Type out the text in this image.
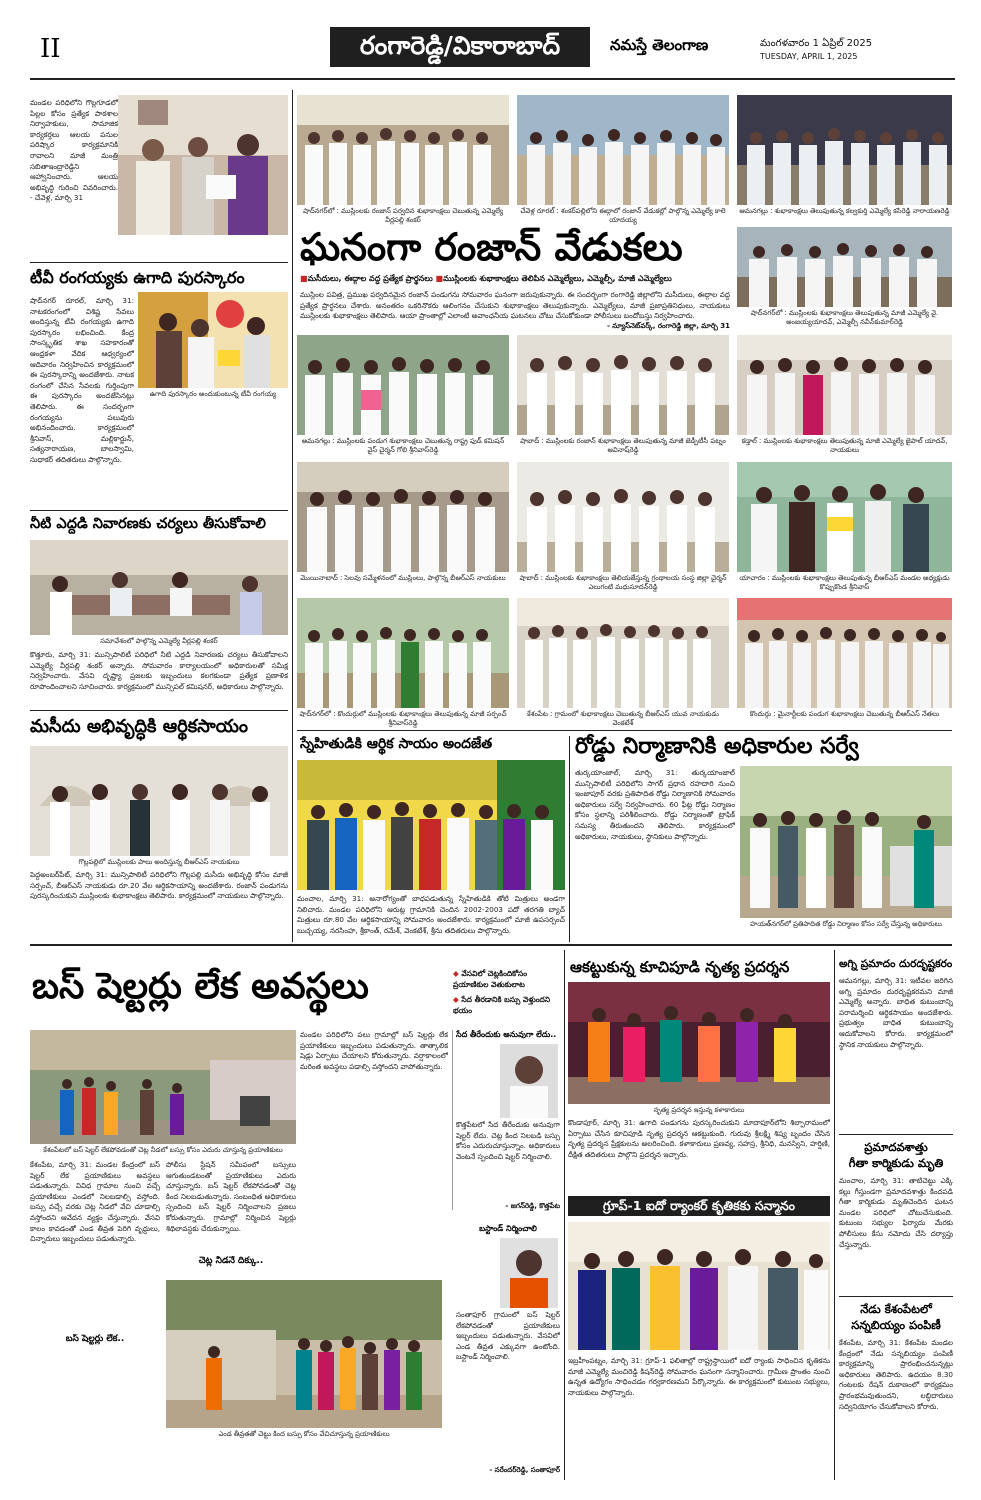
II	రంగారెడ్డి/వికారాబాద్	నమస్తే తెలంగాణ	మంగళవారం 1 ఏప్రిల్ 2025
TUESDAY, APRIL 1, 2025
మండల పరిధిలోని గొల్లగూడలో పిల్లల కోసం ప్రత్యేక పాఠశాల నిర్వాహకులు, సామాజిక కార్యకర్తలు ఆలయ పనుల పరిష్కార కార్యక్రమానికి రావాలని మాజీ మంత్రి సబితాఇంద్రారెడ్డిని ఆహ్వానించారు. ఆలయ అభివృద్ధి గురించి వివరించారు. - చేవెళ్ల, మార్చి 31
టీవీ రంగయ్యకు ఉగాది పురస్కారం
ఉగాది పురస్కారం అందుకుంటున్న టీవీ రంగయ్య
షాద్‌నగర్ రూరల్, మార్చి 31: నాటకరంగంలో విశిష్ట సేవలు అందిస్తున్న టీవీ రంగయ్యకు ఉగాది పురస్కారం లభించింది. కేంద్ర సాంస్కృతిక శాఖ సహకారంతో ఆంధ్రకళా వేదిక ఆధ్వర్యంలో ఆదివారం నిర్వహించిన కార్యక్రమంలో ఈ పురస్కారాన్ని అందజేశారు. నాటక రంగంలో చేసిన సేవలకు గుర్తింపుగా ఈ పురస్కారం అందజేసినట్లు తెలిపారు. ఈ సందర్భంగా రంగయ్యను పలువురు అభినందించారు. కార్యక్రమంలో శ్రీనివాస్, మల్లికార్జున్, సత్యనారాయణ, బాలస్వామి, సుధాకర్ తదితరులు పాల్గొన్నారు.
నీటి ఎద్దడి నివారణకు చర్యలు తీసుకోవాలి
సమావేశంలో పాల్గొన్న ఎమ్మెల్యే వీర్లపల్లి శంకర్
కొత్తూరు, మార్చి 31: మున్సిపాలిటీ పరిధిలో నీటి ఎద్దడి నివారణకు చర్యలు తీసుకోవాలని ఎమ్మెల్యే వీర్లపల్లి శంకర్ అన్నారు. సోమవారం కార్యాలయంలో అధికారులతో సమీక్ష నిర్వహించారు. వేసవి దృష్ట్యా ప్రజలకు ఇబ్బందులు కలగకుండా ప్రత్యేక ప్రణాళిక రూపొందించాలని సూచించారు. కార్యక్రమంలో మున్సిపల్ కమిషనర్, అధికారులు పాల్గొన్నారు.
మసీదు అభివృద్ధికి ఆర్థికసాయం
గొల్లపల్లిలో ముస్లింలకు పాలు అందిస్తున్న బీఆర్ఎస్ నాయకులు
పెద్దఅంబర్‌పేట్, మార్చి 31: మున్సిపాలిటీ పరిధిలోని గొల్లపల్లి మసీదు అభివృద్ధి కోసం మాజీ సర్పంచ్, బీఆర్ఎస్ నాయకుడు రూ.20 వేల ఆర్థికసాయాన్ని అందజేశారు. రంజాన్ పండుగను పురస్కరించుకుని ముస్లింలకు శుభాకాంక్షలు తెలిపారు. కార్యక్రమంలో నాయకులు పాల్గొన్నారు.
షాద్‌నగర్‌లో : ముస్లింలకు రంజాన్ పర్వదిన శుభాకాంక్షలు చెబుతున్న ఎమ్మెల్యే వీర్లపల్లి శంకర్
చేవెళ్ల రూరల్ : శంకర్‌పల్లిలోని ఈద్గాలో రంజాన్ వేడుకల్లో పాల్గొన్న ఎమ్మెల్యే కాలె యాదయ్య
ఆమనగల్లు : శుభాకాంక్షలు తెలుపుతున్న కల్వకుర్తి ఎమ్మెల్యే కసిరెడ్డి నారాయణరెడ్డి
ఘనంగా రంజాన్ వేడుకలు
■మసీదులు, ఈద్గాల వద్ద ప్రత్యేక ప్రార్థనలు ■ముస్లింలకు శుభాకాంక్షలు తెలిపిన ఎమ్మెల్యేలు, ఎమ్మెల్సీ, మాజీ ఎమ్మెల్యేలు
షాద్‌నగర్‌లో : ముస్లింలకు శుభాకాంక్షలు తెలుపుతున్న మాజీ ఎమ్మెల్యే వై. అంజయ్యయాదవ్, ఎమ్మెల్సీ నవీన్‌కుమార్‌రెడ్డి
ముస్లింల పవిత్ర, ప్రముఖ పర్వదినమైన రంజాన్ పండుగను సోమవారం ఘనంగా జరుపుకున్నారు. ఈ సందర్భంగా రంగారెడ్డి జిల్లాలోని మసీదులు, ఈద్గాల వద్ద ప్రత్యేక ప్రార్థనలు చేశారు. అనంతరం ఒకరినొకరు ఆలింగనం చేసుకుని శుభాకాంక్షలు తెలుపుకున్నారు. ఎమ్మెల్యేలు, మాజీ ప్రజాప్రతినిధులు, నాయకులు ముస్లింలకు శుభాకాంక్షలు తెలిపారు. ఆయా ప్రాంతాల్లో ఎలాంటి అవాంఛనీయ ఘటనలు చోటు చేసుకోకుండా పోలీసులు బందోబస్తు నిర్వహించారు.
- న్యూస్‌నెట్‌వర్క్, రంగారెడ్డి జిల్లా, మార్చి 31
ఆమనగల్లు : ముస్లింలకు పండుగ శుభాకాంక్షలు చెబుతున్న రాష్ట్ర ఫుడ్ కమిషన్ వైస్ చైర్మన్ గోలి శ్రీనివాస్‌రెడ్డి
షాబాద్ : ముస్లింలకు రంజాన్ శుభాకాంక్షలు తెలుపుతున్న మాజీ జెడ్పీటీసీ పట్నం అవినాష్‌రెడ్డి
కడ్తాల్ : ముస్లింలకు శుభాకాంక్షలు తెలుపుతున్న మాజీ ఎమ్మెల్యే జైపాల్ యాదవ్, నాయకులు
మొయినాబాద్ : సెలవు సమ్మేళనంలో ముస్లింలు, పాల్గొన్న బీఆర్ఎస్ నాయకులు	షాబాద్ : ముస్లింలకు శుభాకాంక్షలు తెలియజేస్తున్న గ్రంథాలయ సంస్థ జిల్లా చైర్మన్ ఎలుగంటి మధుసూదన్‌రెడ్డి
యాచారం : ముస్లింలకు శుభాకాంక్షలు తెలుపుతున్న బీఆర్ఎస్ మండల అధ్యక్షుడు కొప్పుకొండ శ్రీనివాస్
షాద్‌నగర్‌లో : కొందుర్గులో ముస్లింలకు శుభాకాంక్షలు తెలుపుతున్న మాజీ సర్పంచ్ శ్రీనివాస్‌రెడ్డి
కేశంపేట : గ్రామంలో శుభాకాంక్షలు చెబుతున్న బీఆర్ఎస్ యువ నాయకుడు వెంకటేశ్
కొందుర్గు : మైనార్టీలకు పండుగ శుభాకాంక్షలు చెబుతున్న బీఆర్ఎస్ నేతలు
స్నేహితుడికి ఆర్థిక సాయం అందజేత
మంచాల, మార్చి 31: అనారోగ్యంతో బాధపడుతున్న స్నేహితుడికి తోటి మిత్రులు అండగా నిలిచారు. మండల పరిధిలోని ఆరుట్ల గ్రామానికి చెందిన 2002-2003 పదో తరగతి బ్యాచ్ మిత్రులు రూ.80 వేల ఆర్థికసాయాన్ని సోమవారం అందజేశారు. కార్యక్రమంలో మాజీ ఉపసర్పంచ్ బుచ్చయ్య, నరసింహ, శ్రీకాంత్, రమేశ్, వెంకటేశ్, శ్రీను తదితరులు పాల్గొన్నారు.
రోడ్డు నిర్మాణానికి అధికారుల సర్వే
తుర్కయాంజాల్, మార్చి 31: తుర్కయాంజాల్ మున్సిపాలిటీ పరిధిలోని సాగర్ ప్రధాన రహదారి నుంచి ఇంజాపూర్ వరకు ప్రతిపాదిత రోడ్డు నిర్మాణానికి సోమవారం అధికారులు సర్వే నిర్వహించారు. 60 ఫీట్ల రోడ్డు నిర్మాణం కోసం స్థలాన్ని పరిశీలించారు. రోడ్డు నిర్మాణంతో ట్రాఫిక్ సమస్య తీరుతుందని తెలిపారు. కార్యక్రమంలో అధికారులు, నాయకులు, స్థానికులు పాల్గొన్నారు.
హయత్‌నగర్‌లో ప్రతిపాదిత రోడ్డు నిర్మాణం కోసం సర్వే చేస్తున్న అధికారులు
బస్ షెల్టర్లు లేక అవస్థలు	◆ వేసవిలో చెట్లకిందికోసం ప్రయాణికుల వెతుకులాట
◆ సేద తీరడానికి బస్సు వెళ్తుందని భయం
కేశంపేటలో బస్ షెల్టర్ లేకపోవడంతో చెట్ల నీడలో బస్సు కోసం ఎదురు చూస్తున్న ప్రయాణికులు
కేశంపేట, మార్చి 31: మండల కేంద్రంలో బస్ షెల్టర్ లేక ప్రయాణికులు అవస్థలు పడుతున్నారు. వివిధ గ్రామాల నుంచి వచ్చే ప్రయాణికులు ఎండలో నిలబడాల్సి వస్తోంది. బస్సు వచ్చే వరకు చెట్ల నీడలో వేచి చూడాల్సి వస్తోందని ఆవేదన వ్యక్తం చేస్తున్నారు. వేసవి కాలం కావడంతో ఎండ తీవ్రత పెరిగి వృద్ధులు, చిన్నారులు ఇబ్బందులు పడుతున్నారు.
పోలీసు స్టేషన్ సమీపంలో బస్సులు ఆగుతుండటంతో ప్రయాణికులు ఎదురు చూస్తున్నారు. బస్ షెల్టర్ లేకపోవడంతో చెట్ల కింద నిలబడుతున్నారు. సంబంధిత అధికారులు స్పందించి బస్ షెల్టర్ నిర్మించాలని ప్రజలు కోరుతున్నారు. గ్రామాల్లో నిర్మించిన షెల్టర్లు శిథిలావస్థకు చేరుకున్నాయి.
చెట్ల నీడనే దిక్కు..
మండల పరిధిలోని పలు గ్రామాల్లో బస్ షెల్టర్లు లేక ప్రయాణికులు ఇబ్బందులు పడుతున్నారు. తాత్కాలిక షెడ్లు ఏర్పాటు చేయాలని కోరుతున్నారు. వర్షాకాలంలో మరింత అవస్థలు పడాల్సి వస్తోందని వాపోతున్నారు.
బస్ షెల్టర్లు లేక..
ఎండ తీవ్రతతో చెట్టు కింద బస్సు కోసం వేచిచూస్తున్న ప్రయాణికులు
సేద తీరేందుకు అనువుగా లేదు..
కొత్తపేటలో సేద తీరేందుకు అనువుగా షెల్టర్ లేదు. చెట్ల కింద నిలబడి బస్సు కోసం ఎదురుచూస్తున్నాం. అధికారులు వెంటనే స్పందించి షెల్టర్ నిర్మించాలి.
- జగన్‌రెడ్డి, కొత్తపేట
బస్టాండ్ నిర్మించాలి
సంతాపూర్ గ్రామంలో బస్ షెల్టర్ లేకపోవడంతో ప్రయాణికులు ఇబ్బందులు పడుతున్నారు. వేసవిలో ఎండ తీవ్రత ఎక్కువగా ఉంటోంది. బస్టాండ్ నిర్మించాలి.
- నరేందర్‌రెడ్డి, సంతాపూర్
ఆకట్టుకున్న కూచిపూడి నృత్య ప్రదర్శన
నృత్య ప్రదర్శన ఇస్తున్న కళాకారులు
కొండాపూర్, మార్చి 31: ఉగాది పండుగను పురస్కరించుకుని మాదాపూర్‌లోని శిల్పారామంలో ఏర్పాటు చేసిన కూచిపూడి నృత్య ప్రదర్శన ఆకట్టుకుంది. గురువు శ్రీలక్ష్మి శిష్య బృందం చేసిన నృత్య ప్రదర్శన ప్రేక్షకులను అలరించింది. కళాకారులు ప్రణవ్య, సహస్ర, శ్రీనిధి, మనస్విని, హర్షిణి, దీక్షిత తదితరులు పాల్గొని ప్రదర్శన ఇచ్చారు.
గ్రూప్-1 ఐదో ర్యాంకర్ కృతికకు సన్మానం
ఇబ్రహీంపట్నం, మార్చి 31: గ్రూప్-1 ఫలితాల్లో రాష్ట్రస్థాయిలో ఐదో ర్యాంకు సాధించిన కృతికను మాజీ ఎమ్మెల్యే మంచిరెడ్డి కిషన్‌రెడ్డి సోమవారం ఘనంగా సన్మానించారు. గ్రామీణ ప్రాంతం నుంచి ఉన్నత ఉద్యోగం సాధించడం గర్వకారణమని పేర్కొన్నారు. ఈ కార్యక్రమంలో కుటుంబ సభ్యులు, నాయకులు పాల్గొన్నారు.
అగ్ని ప్రమాదం దురదృష్టకరం
ఆమనగల్లు, మార్చి 31: ఇటీవల జరిగిన అగ్ని ప్రమాదం దురదృష్టకరమని మాజీ ఎమ్మెల్యే అన్నారు. బాధిత కుటుంబాన్ని పరామర్శించి ఆర్థికసాయం అందజేశారు. ప్రభుత్వం బాధిత కుటుంబాన్ని ఆదుకోవాలని కోరారు. కార్యక్రమంలో స్థానిక నాయకులు పాల్గొన్నారు.
ప్రమాదవశాత్తు
గీతా కార్మికుడు మృతి
మంచాల, మార్చి 31: తాటిచెట్టు ఎక్కి కల్లు గీస్తుండగా ప్రమాదవశాత్తు కిందపడి గీతా కార్మికుడు మృతిచెందిన ఘటన మండల పరిధిలో చోటుచేసుకుంది. కుటుంబ సభ్యుల ఫిర్యాదు మేరకు పోలీసులు కేసు నమోదు చేసి దర్యాప్తు చేస్తున్నారు.
నేడు కేశంపేటలో
సన్నబియ్యం పంపిణీ
కేశంపేట, మార్చి 31: కేశంపేట మండల కేంద్రంలో నేడు సన్నబియ్యం పంపిణీ కార్యక్రమాన్ని ప్రారంభించనున్నట్లు అధికారులు తెలిపారు. ఉదయం 8.30 గంటలకు రేషన్ దుకాణంలో కార్యక్రమం ప్రారంభమవుతుందని, లబ్ధిదారులు సద్వినియోగం చేసుకోవాలని కోరారు.
